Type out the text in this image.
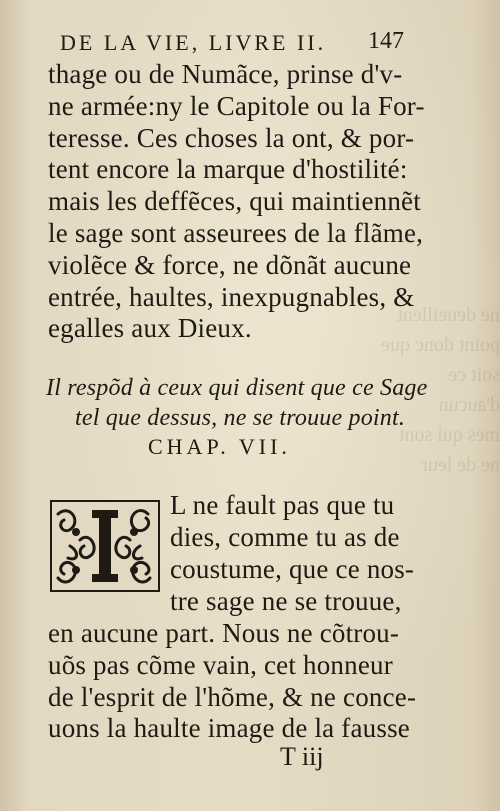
ne deueillent
point donc que soit ce
d'aucun
mes qui sont
ne de leur
DE LA VIE, LIVRE II. 147
thage ou de Numãce, prinse d'v-
ne armée:ny le Capitole ou la For-
teresse. Ces choses la ont, & por-
tent encore la marque d'hostilité:
mais les deffẽces, qui maintiennẽt
le sage sont asseurees de la flãme,
violẽce & force, ne dõnãt aucune
entrée, haultes, inexpugnables, &
egalles aux Dieux.
Il respõd à ceux qui disent que ce Sage
tel que dessus, ne se trouue point.
CHAP. VII.
I
L ne fault pas que tu
dies, comme tu as de
coustume, que ce nos-
tre sage ne se trouue,
en aucune part. Nous ne cõtrou-
uõs pas cõme vain, cet honneur
de l'esprit de l'hõme, & ne conce-
uons la haulte image de la fausse
T iij
